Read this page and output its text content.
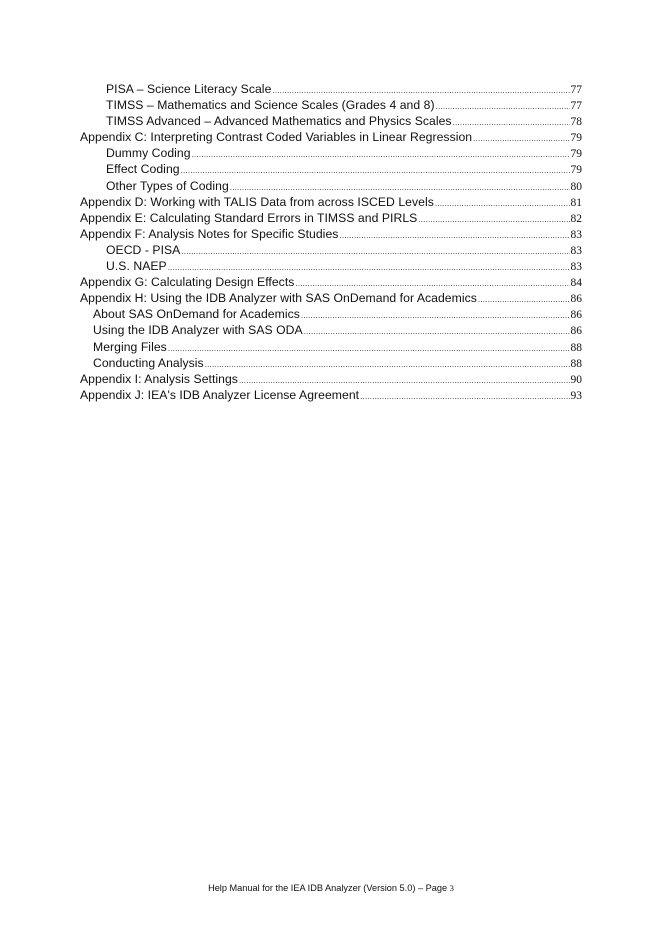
PISA – Science Literacy Scale .....	77
TIMSS – Mathematics and Science Scales (Grades 4 and 8) .....	77
TIMSS Advanced – Advanced Mathematics and Physics Scales .....	78
Appendix C: Interpreting Contrast Coded Variables in Linear Regression .....	79
Dummy Coding .....	79
Effect Coding .....	79
Other Types of Coding .....	80
Appendix D: Working with TALIS Data from across ISCED Levels .....	81
Appendix E: Calculating Standard Errors in TIMSS and PIRLS .....	82
Appendix F: Analysis Notes for Specific Studies .....	83
OECD - PISA .....	83
U.S. NAEP .....	83
Appendix G: Calculating Design Effects .....	84
Appendix H: Using the IDB Analyzer with SAS OnDemand for Academics .....	86
About SAS OnDemand for Academics .....	86
Using the IDB Analyzer with SAS ODA .....	86
Merging Files .....	88
Conducting Analysis .....	88
Appendix I: Analysis Settings .....	90
Appendix J: IEA's IDB Analyzer License Agreement .....	93
Help Manual for the IEA IDB Analyzer (Version 5.0) – Page 3
